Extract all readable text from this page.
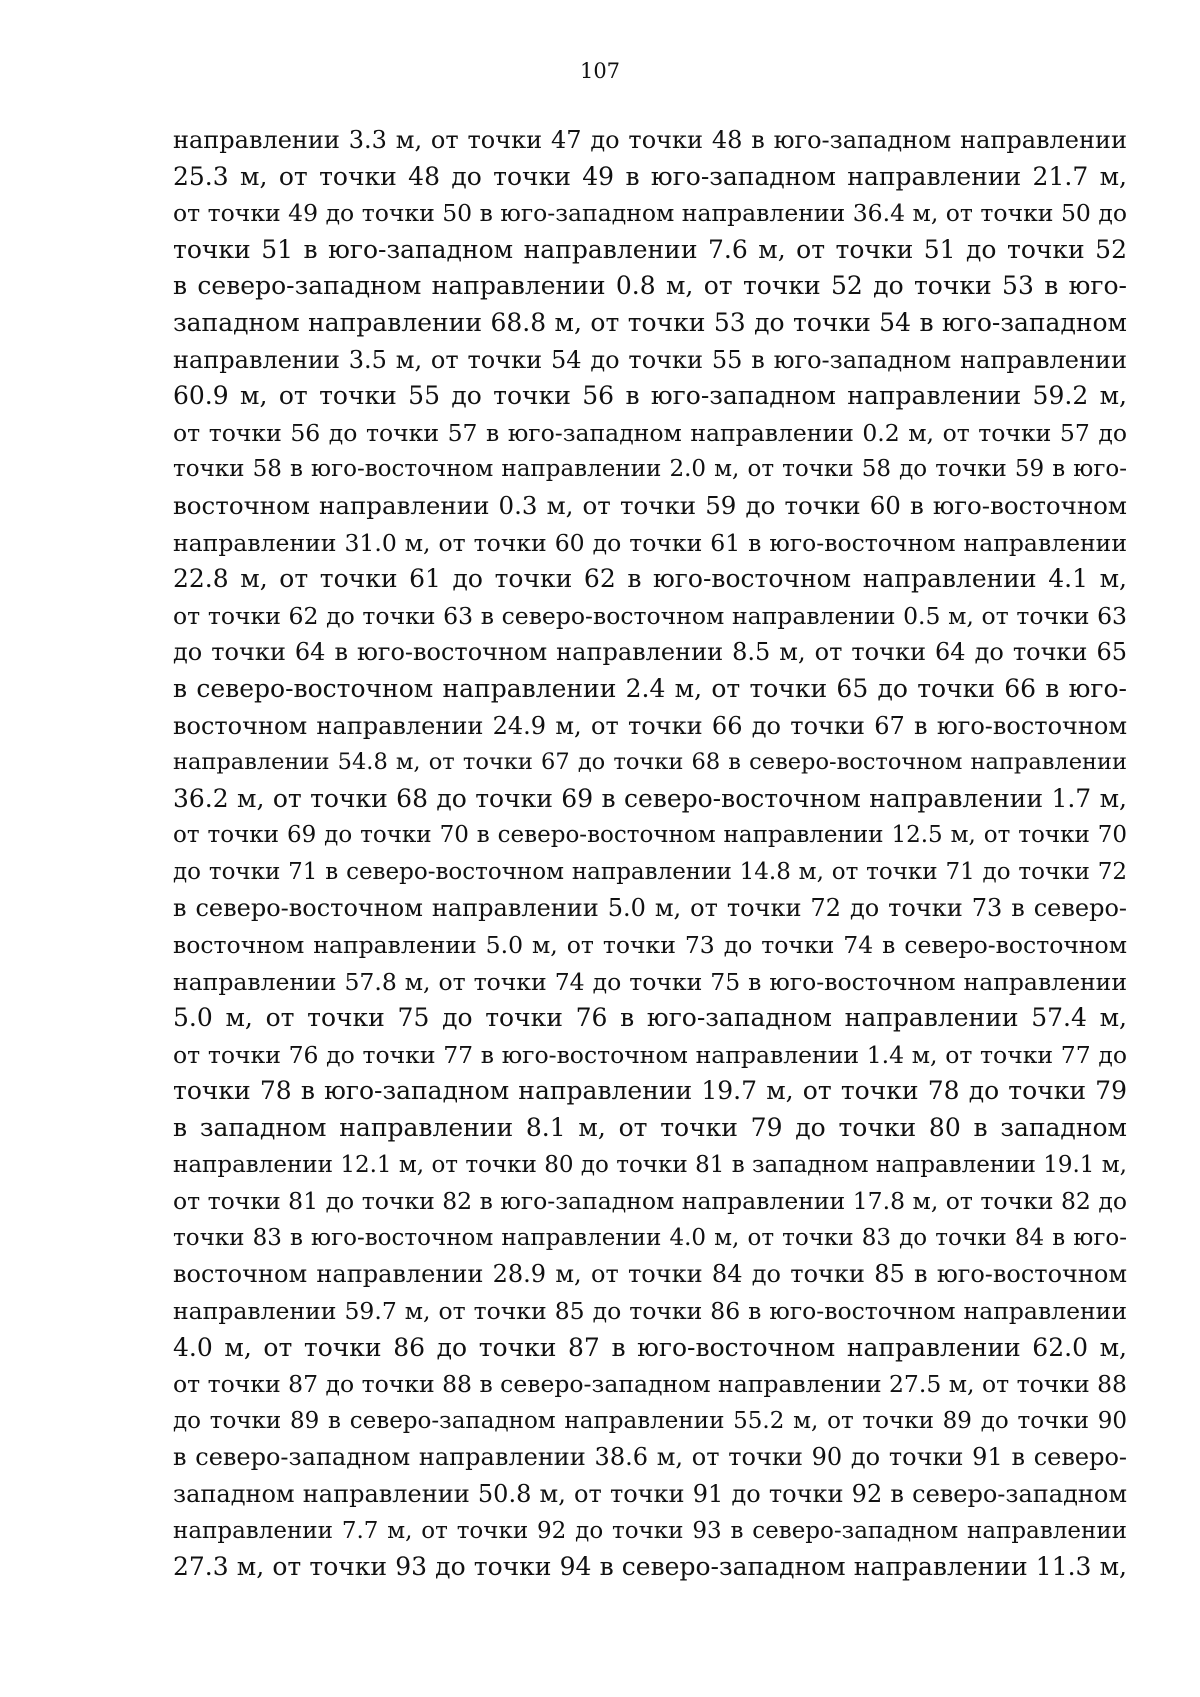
107
направлении 3.3 м, от точки 47 до точки 48 в юго-западном направлении
25.3 м, от точки 48 до точки 49 в юго-западном направлении 21.7 м,
от точки 49 до точки 50 в юго-западном направлении 36.4 м, от точки 50 до
точки 51 в юго-западном направлении 7.6 м, от точки 51 до точки 52
в северо-западном направлении 0.8 м, от точки 52 до точки 53 в юго-
западном направлении 68.8 м, от точки 53 до точки 54 в юго-западном
направлении 3.5 м, от точки 54 до точки 55 в юго-западном направлении
60.9 м, от точки 55 до точки 56 в юго-западном направлении 59.2 м,
от точки 56 до точки 57 в юго-западном направлении 0.2 м, от точки 57 до
точки 58 в юго-восточном направлении 2.0 м, от точки 58 до точки 59 в юго-
восточном направлении 0.3 м, от точки 59 до точки 60 в юго-восточном
направлении 31.0 м, от точки 60 до точки 61 в юго-восточном направлении
22.8 м, от точки 61 до точки 62 в юго-восточном направлении 4.1 м,
от точки 62 до точки 63 в северо-восточном направлении 0.5 м, от точки 63
до точки 64 в юго-восточном направлении 8.5 м, от точки 64 до точки 65
в северо-восточном направлении 2.4 м, от точки 65 до точки 66 в юго-
восточном направлении 24.9 м, от точки 66 до точки 67 в юго-восточном
направлении 54.8 м, от точки 67 до точки 68 в северо-восточном направлении
36.2 м, от точки 68 до точки 69 в северо-восточном направлении 1.7 м,
от точки 69 до точки 70 в северо-восточном направлении 12.5 м, от точки 70
до точки 71 в северо-восточном направлении 14.8 м, от точки 71 до точки 72
в северо-восточном направлении 5.0 м, от точки 72 до точки 73 в северо-
восточном направлении 5.0 м, от точки 73 до точки 74 в северо-восточном
направлении 57.8 м, от точки 74 до точки 75 в юго-восточном направлении
5.0 м, от точки 75 до точки 76 в юго-западном направлении 57.4 м,
от точки 76 до точки 77 в юго-восточном направлении 1.4 м, от точки 77 до
точки 78 в юго-западном направлении 19.7 м, от точки 78 до точки 79
в западном направлении 8.1 м, от точки 79 до точки 80 в западном
направлении 12.1 м, от точки 80 до точки 81 в западном направлении 19.1 м,
от точки 81 до точки 82 в юго-западном направлении 17.8 м, от точки 82 до
точки 83 в юго-восточном направлении 4.0 м, от точки 83 до точки 84 в юго-
восточном направлении 28.9 м, от точки 84 до точки 85 в юго-восточном
направлении 59.7 м, от точки 85 до точки 86 в юго-восточном направлении
4.0 м, от точки 86 до точки 87 в юго-восточном направлении 62.0 м,
от точки 87 до точки 88 в северо-западном направлении 27.5 м, от точки 88
до точки 89 в северо-западном направлении 55.2 м, от точки 89 до точки 90
в северо-западном направлении 38.6 м, от точки 90 до точки 91 в северо-
западном направлении 50.8 м, от точки 91 до точки 92 в северо-западном
направлении 7.7 м, от точки 92 до точки 93 в северо-западном направлении
27.3 м, от точки 93 до точки 94 в северо-западном направлении 11.3 м,
